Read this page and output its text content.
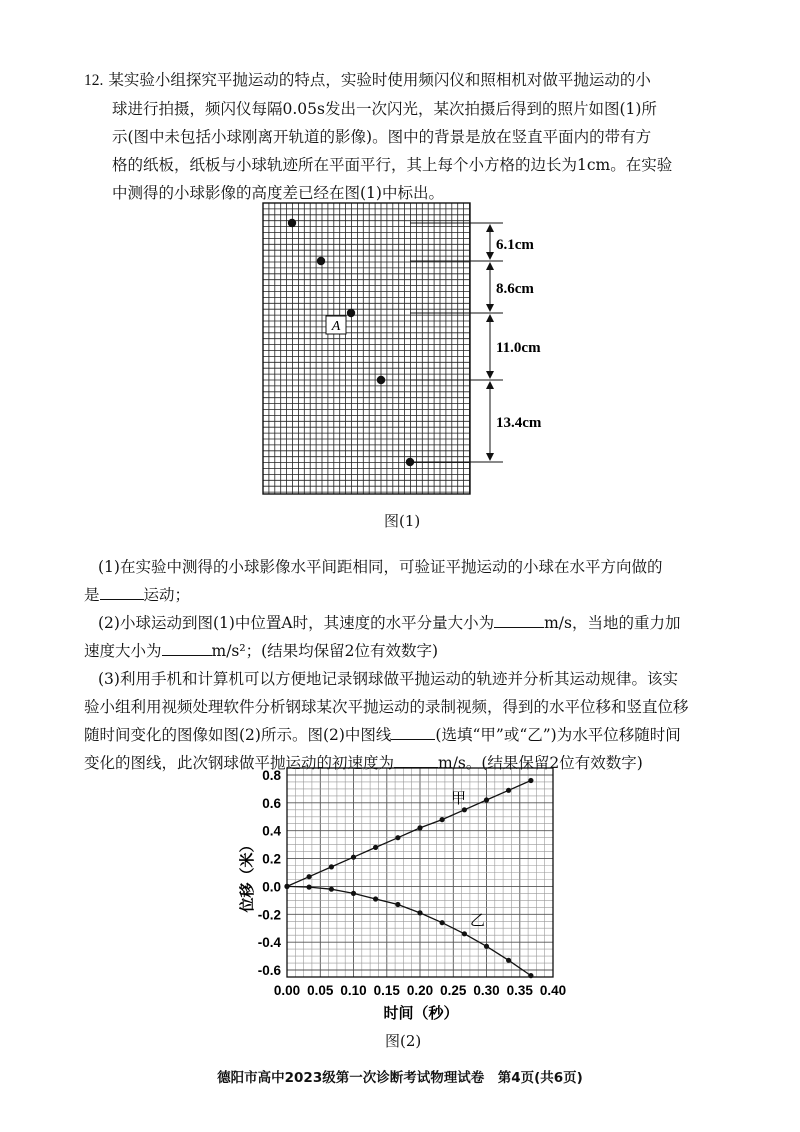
12. 某实验小组探究平抛运动的特点，实验时使用频闪仪和照相机对做平抛运动的小
球进行拍摄，频闪仪每隔0.05s发出一次闪光，某次拍摄后得到的照片如图(1)所
示(图中未包括小球刚离开轨道的影像)。图中的背景是放在竖直平面内的带有方
格的纸板，纸板与小球轨迹所在平面平行，其上每个小方格的边长为1cm。在实验
中测得的小球影像的高度差已经在图(1)中标出。
A
6.1cm
8.6cm
11.0cm
13.4cm
图(1)
(1)在实验中测得的小球影像水平间距相同，可验证平抛运动的小球在水平方向做的
是	运动；
(2)小球运动到图(1)中位置A时，其速度的水平分量大小为	m/s，当地的重力加
速度大小为	m/s²；(结果均保留2位有效数字)
(3)利用手机和计算机可以方便地记录钢球做平抛运动的轨迹并分析其运动规律。该实
验小组利用视频处理软件分析钢球某次平抛运动的录制视频，得到的水平位移和竖直位移
随时间变化的图像如图(2)所示。图(2)中图线	(选填“甲”或“乙”)为水平位移随时间
变化的图线，此次钢球做平抛运动的初速度为	m/s。(结果保留2位有效数字)
0.00 0.05 0.10 0.15 0.20 0.25 0.30 0.35 0.40
0.8
0.6
0.4
0.2
0.0
-0.2
-0.4
-0.6
时间（秒）
位移（米）
甲
乙
图(2)
德阳市高中2023级第一次诊断考试物理试卷　第4页(共6页)
